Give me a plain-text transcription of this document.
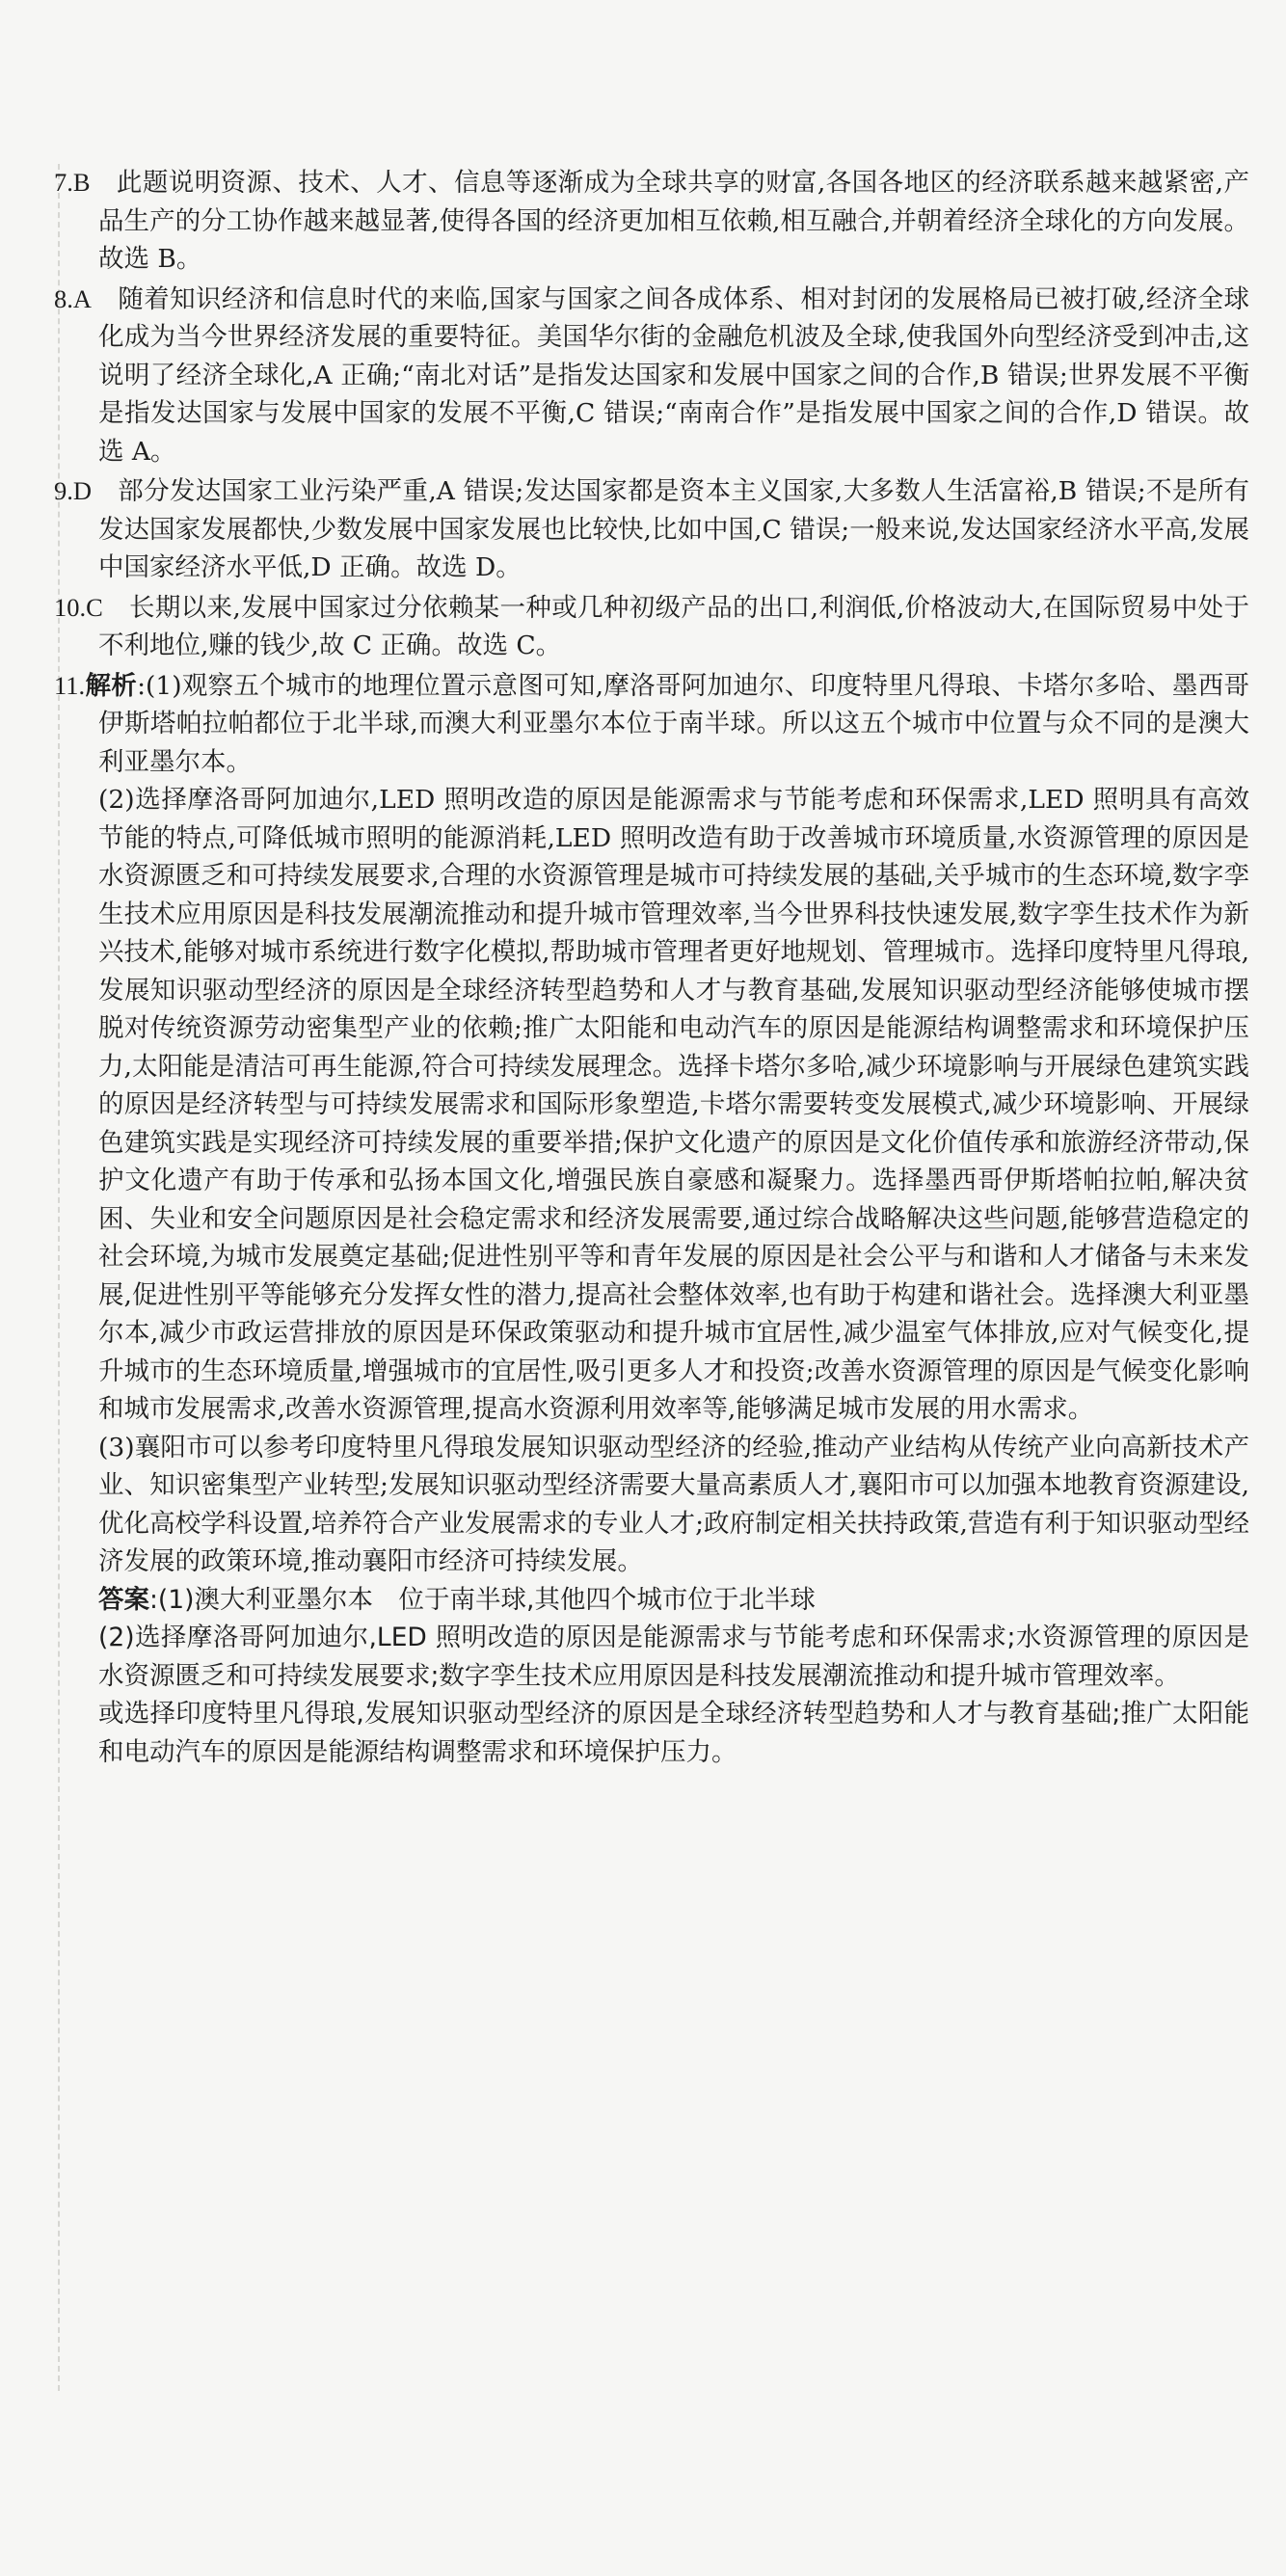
7.B　 此题说明资源、技术、人才、信息等逐渐成为全球共享的财富,各国各地区的经济联系越来越紧密,产品生产的分工协作越来越显著,使得各国的经济更加相互依赖,相互融合,并朝着经济全球化的方向发展。故选 B。

8.A　 随着知识经济和信息时代的来临,国家与国家之间各成体系、相对封闭的发展格局已被打破,经济全球化成为当今世界经济发展的重要特征。美国华尔街的金融危机波及全球,使我国外向型经济受到冲击,这说明了经济全球化,A 正确;“南北对话”是指发达国家和发展中国家之间的合作,B 错误;世界发展不平衡是指发达国家与发展中国家的发展不平衡,C 错误;“南南合作”是指发展中国家之间的合作,D 错误。故选 A。

9.D　 部分发达国家工业污染严重,A 错误;发达国家都是资本主义国家,大多数人生活富裕,B 错误;不是所有发达国家发展都快,少数发展中国家发展也比较快,比如中国,C 错误;一般来说,发达国家经济水平高,发展中国家经济水平低,D 正确。故选 D。

10.C　 长期以来,发展中国家过分依赖某一种或几种初级产品的出口,利润低,价格波动大,在国际贸易中处于不利地位,赚的钱少,故 C 正确。故选 C。

11.解析:(1)观察五个城市的地理位置示意图可知,摩洛哥阿加迪尔、印度特里凡得琅、卡塔尔多哈、墨西哥伊斯塔帕拉帕都位于北半球,而澳大利亚墨尔本位于南半球。所以这五个城市中位置与众不同的是澳大利亚墨尔本。

(2)选择摩洛哥阿加迪尔,LED 照明改造的原因是能源需求与节能考虑和环保需求,LED 照明具有高效节能的特点,可降低城市照明的能源消耗,LED 照明改造有助于改善城市环境质量,水资源管理的原因是水资源匮乏和可持续发展要求,合理的水资源管理是城市可持续发展的基础,关乎城市的生态环境,数字孪生技术应用原因是科技发展潮流推动和提升城市管理效率,当今世界科技快速发展,数字孪生技术作为新兴技术,能够对城市系统进行数字化模拟,帮助城市管理者更好地规划、管理城市。选择印度特里凡得琅,发展知识驱动型经济的原因是全球经济转型趋势和人才与教育基础,发展知识驱动型经济能够使城市摆脱对传统资源劳动密集型产业的依赖;推广太阳能和电动汽车的原因是能源结构调整需求和环境保护压力,太阳能是清洁可再生能源,符合可持续发展理念。选择卡塔尔多哈,减少环境影响与开展绿色建筑实践的原因是经济转型与可持续发展需求和国际形象塑造,卡塔尔需要转变发展模式,减少环境影响、开展绿色建筑实践是实现经济可持续发展的重要举措;保护文化遗产的原因是文化价值传承和旅游经济带动,保护文化遗产有助于传承和弘扬本国文化,增强民族自豪感和凝聚力。选择墨西哥伊斯塔帕拉帕,解决贫困、失业和安全问题原因是社会稳定需求和经济发展需要,通过综合战略解决这些问题,能够营造稳定的社会环境,为城市发展奠定基础;促进性别平等和青年发展的原因是社会公平与和谐和人才储备与未来发展,促进性别平等能够充分发挥女性的潜力,提高社会整体效率,也有助于构建和谐社会。选择澳大利亚墨尔本,减少市政运营排放的原因是环保政策驱动和提升城市宜居性,减少温室气体排放,应对气候变化,提升城市的生态环境质量,增强城市的宜居性,吸引更多人才和投资;改善水资源管理的原因是气候变化影响和城市发展需求,改善水资源管理,提高水资源利用效率等,能够满足城市发展的用水需求。

(3)襄阳市可以参考印度特里凡得琅发展知识驱动型经济的经验,推动产业结构从传统产业向高新技术产业、知识密集型产业转型;发展知识驱动型经济需要大量高素质人才,襄阳市可以加强本地教育资源建设,优化高校学科设置,培养符合产业发展需求的专业人才;政府制定相关扶持政策,营造有利于知识驱动型经济发展的政策环境,推动襄阳市经济可持续发展。

答案:(1)澳大利亚墨尔本　位于南半球,其他四个城市位于北半球

(2)选择摩洛哥阿加迪尔,LED 照明改造的原因是能源需求与节能考虑和环保需求;水资源管理的原因是水资源匮乏和可持续发展要求;数字孪生技术应用原因是科技发展潮流推动和提升城市管理效率。

或选择印度特里凡得琅,发展知识驱动型经济的原因是全球经济转型趋势和人才与教育基础;推广太阳能和电动汽车的原因是能源结构调整需求和环境保护压力。
